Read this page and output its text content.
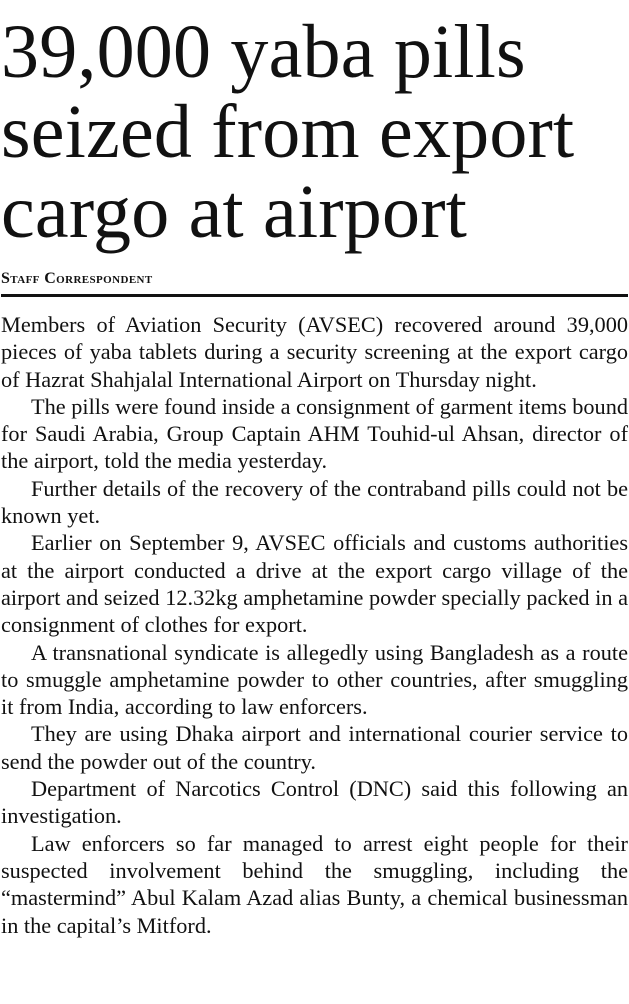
39,000 yaba pills
seized from export
cargo at airport
Staff Correspondent

Members of Aviation Security (AVSEC) recovered around 39,000 pieces of yaba tablets during a security screening at the export cargo of Hazrat Shahjalal International Airport on Thursday night.

The pills were found inside a consignment of garment items bound for Saudi Arabia, Group Captain AHM Touhid-ul Ahsan, director of the airport, told the media yesterday.

Further details of the recovery of the contraband pills could not be known yet.

Earlier on September 9, AVSEC officials and customs authorities at the airport conducted a drive at the export cargo village of the airport and seized 12.32kg amphetamine powder specially packed in a consignment of clothes for export.

A transnational syndicate is allegedly using Bangladesh as a route to smuggle amphetamine powder to other countries, after smuggling it from India, according to law enforcers.

They are using Dhaka airport and international courier service to send the powder out of the country.

Department of Narcotics Control (DNC) said this following an investigation.

Law enforcers so far managed to arrest eight people for their suspected involvement behind the smuggling, including the “mastermind” Abul Kalam Azad alias Bunty, a chemical businessman in the capital’s Mitford.
